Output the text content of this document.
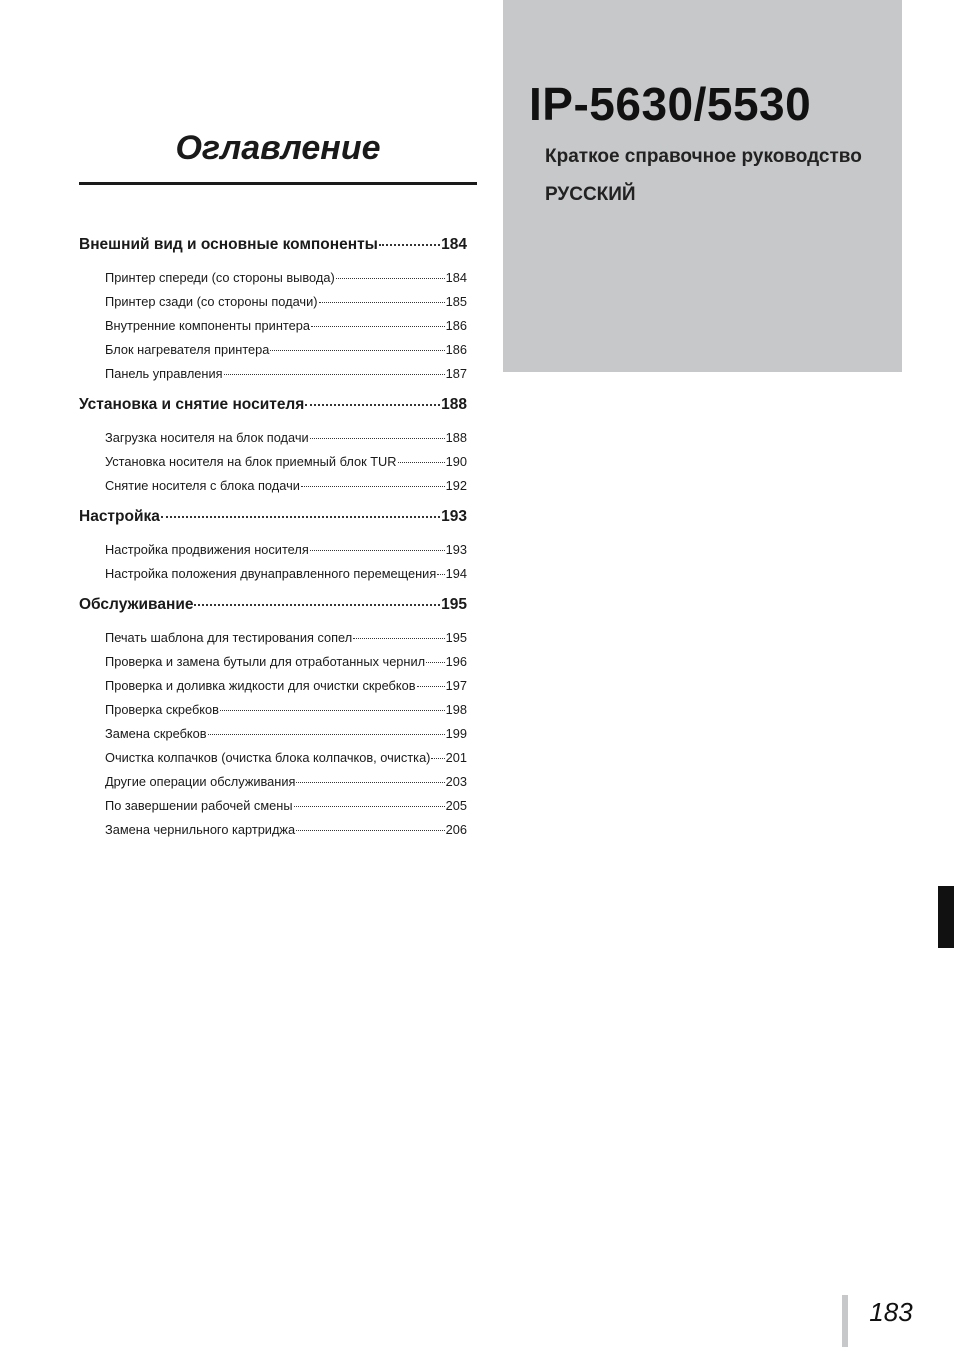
Оглавление
Внешний вид и основные компоненты	184
Принтер спереди (со стороны вывода)	184
Принтер сзади (со стороны подачи)	185
Внутренние компоненты принтера	186
Блок нагревателя принтера	186
Панель управления	187
Установка и снятие носителя	188
Загрузка носителя на блок подачи	188
Установка носителя на блок приемный блок TUR	190
Снятие носителя с блока подачи	192
Настройка	193
Настройка продвижения носителя	193
Настройка положения двунаправленного перемещения 194
Обслуживание	195
Печать шаблона для тестирования сопел	195
Проверка и замена бутыли для отработанных чернил 196
Проверка и доливка жидкости для очистки скребков 197
Проверка скребков	198
Замена скребков	199
Очистка колпачков (очистка блока колпачков, очистка) 201
Другие операции обслуживания	203
По завершении рабочей смены	205
Замена чернильного картриджа	206
IP-5630/5530
Краткое справочное руководство
РУССКИЙ
183
